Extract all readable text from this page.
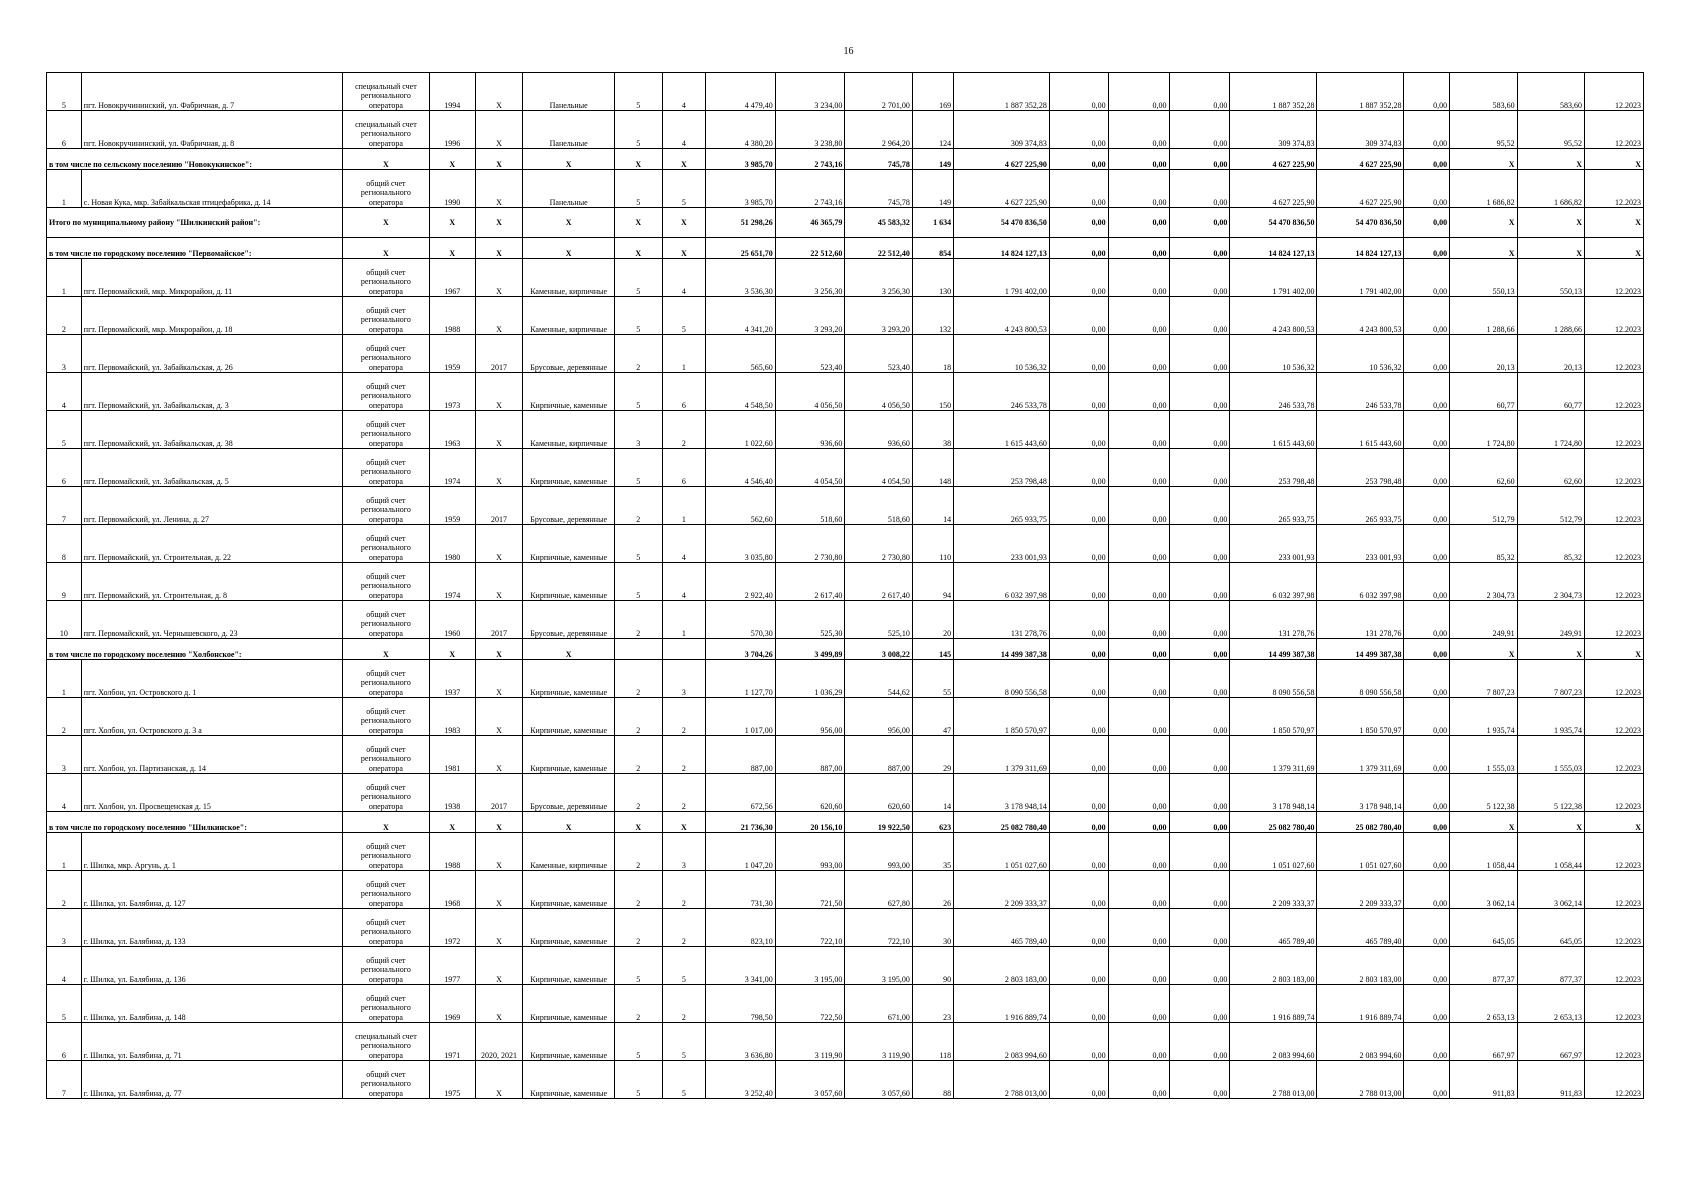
16
5	пгт. Новокручининский, ул. Фабричная, д. 7	специальный счет регионального оператора	1994	X	Панельные	5	4	4 479,40	3 234,00	2 701,00	169	1 887 352,28	0,00	0,00	0,00	1 887 352,28	1 887 352,28	0,00	583,60	583,60	12.2023
6	пгт. Новокручининский, ул. Фабричная, д. 8	специальный счет регионального оператора	1996	X	Панельные	5	4	4 380,20	3 238,80	2 964,20	124	309 374,83	0,00	0,00	0,00	309 374,83	309 374,83	0,00	95,52	95,52	12.2023
в том числе по сельскому поселению "Новокукинское":		X	X	X	X	X	X	3 985,70	2 743,16	745,78	149	4 627 225,90	0,00	0,00	0,00	4 627 225,90	4 627 225,90	0,00	X	X	X
1	с. Новая Кука, мкр. Забайкальская птицефабрика, д. 14	общий счет регионального оператора	1990	X	Панельные	5	5	3 985,70	2 743,16	745,78	149	4 627 225,90	0,00	0,00	0,00	4 627 225,90	4 627 225,90	0,00	1 686,82	1 686,82	12.2023
Итого по муниципальному району "Шилкинский район":		X	X	X	X	X	X	51 298,26	46 365,79	45 583,32	1 634	54 470 836,50	0,00	0,00	0,00	54 470 836,50	54 470 836,50	0,00	X	X	X
в том числе по городскому поселению "Первомайское":		X	X	X	X	X	X	25 651,70	22 512,60	22 512,40	854	14 824 127,13	0,00	0,00	0,00	14 824 127,13	14 824 127,13	0,00	X	X	X
1	пгт. Первомайский, мкр. Микрорайон, д. 11	общий счет регионального оператора	1967	X	Каменные, кирпичные	5	4	3 536,30	3 256,30	3 256,30	130	1 791 402,00	0,00	0,00	0,00	1 791 402,00	1 791 402,00	0,00	550,13	550,13	12.2023
2	пгт. Первомайский, мкр. Микрорайон, д. 18	общий счет регионального оператора	1988	X	Каменные, кирпичные	5	5	4 341,20	3 293,20	3 293,20	132	4 243 800,53	0,00	0,00	0,00	4 243 800,53	4 243 800,53	0,00	1 288,66	1 288,66	12.2023
3	пгт. Первомайский, ул. Забайкальская, д. 26	общий счет регионального оператора	1959	2017	Брусовые, деревянные	2	1	565,60	523,40	523,40	18	10 536,32	0,00	0,00	0,00	10 536,32	10 536,32	0,00	20,13	20,13	12.2023
4	пгт. Первомайский, ул. Забайкальская, д. 3	общий счет регионального оператора	1973	X	Кирпичные, каменные	5	6	4 548,50	4 056,50	4 056,50	150	246 533,78	0,00	0,00	0,00	246 533,78	246 533,78	0,00	60,77	60,77	12.2023
5	пгт. Первомайский, ул. Забайкальская, д. 38	общий счет регионального оператора	1963	X	Каменные, кирпичные	3	2	1 022,60	936,60	936,60	38	1 615 443,60	0,00	0,00	0,00	1 615 443,60	1 615 443,60	0,00	1 724,80	1 724,80	12.2023
6	пгт. Первомайский, ул. Забайкальская, д. 5	общий счет регионального оператора	1974	X	Кирпичные, каменные	5	6	4 546,40	4 054,50	4 054,50	148	253 798,48	0,00	0,00	0,00	253 798,48	253 798,48	0,00	62,60	62,60	12.2023
7	пгт. Первомайский, ул. Ленина, д. 27	общий счет регионального оператора	1959	2017	Брусовые, деревянные	2	1	562,60	518,60	518,60	14	265 933,75	0,00	0,00	0,00	265 933,75	265 933,75	0,00	512,79	512,79	12.2023
8	пгт. Первомайский, ул. Строительная, д. 22	общий счет регионального оператора	1980	X	Кирпичные, каменные	5	4	3 035,80	2 730,80	2 730,80	110	233 001,93	0,00	0,00	0,00	233 001,93	233 001,93	0,00	85,32	85,32	12.2023
9	пгт. Первомайский, ул. Строительная, д. 8	общий счет регионального оператора	1974	X	Кирпичные, каменные	5	4	2 922,40	2 617,40	2 617,40	94	6 032 397,98	0,00	0,00	0,00	6 032 397,98	6 032 397,98	0,00	2 304,73	2 304,73	12.2023
10	пгт. Первомайский, ул. Чернышевского, д. 23	общий счет регионального оператора	1960	2017	Брусовые, деревянные	2	1	570,30	525,30	525,10	20	131 278,76	0,00	0,00	0,00	131 278,76	131 278,76	0,00	249,91	249,91	12.2023
в том числе по городскому поселению "Холбонское":		X	X	X	X			3 704,26	3 499,89	3 008,22	145	14 499 387,38	0,00	0,00	0,00	14 499 387,38	14 499 387,38	0,00	X	X	X
1	пгт. Холбон, ул. Островского д. 1	общий счет регионального оператора	1937	X	Кирпичные, каменные	2	3	1 127,70	1 036,29	544,62	55	8 090 556,58	0,00	0,00	0,00	8 090 556,58	8 090 556,58	0,00	7 807,23	7 807,23	12.2023
2	пгт. Холбон, ул. Островского д. 3 а	общий счет регионального оператора	1983	X	Кирпичные, каменные	2	2	1 017,00	956,00	956,00	47	1 850 570,97	0,00	0,00	0,00	1 850 570,97	1 850 570,97	0,00	1 935,74	1 935,74	12.2023
3	пгт. Холбон, ул. Партизанская, д. 14	общий счет регионального оператора	1981	X	Кирпичные, каменные	2	2	887,00	887,00	887,00	29	1 379 311,69	0,00	0,00	0,00	1 379 311,69	1 379 311,69	0,00	1 555,03	1 555,03	12.2023
4	пгт. Холбон, ул. Просвещенская д. 15	общий счет регионального оператора	1938	2017	Брусовые, деревянные	2	2	672,56	620,60	620,60	14	3 178 948,14	0,00	0,00	0,00	3 178 948,14	3 178 948,14	0,00	5 122,38	5 122,38	12.2023
в том числе по городскому поселению "Шилкинское":		X	X	X	X	X	X	21 736,30	20 156,10	19 922,50	623	25 082 780,40	0,00	0,00	0,00	25 082 780,40	25 082 780,40	0,00	X	X	X
1	г. Шилка, мкр. Аргунь, д. 1	общий счет регионального оператора	1988	X	Каменные, кирпичные	2	3	1 047,20	993,00	993,00	35	1 051 027,60	0,00	0,00	0,00	1 051 027,60	1 051 027,60	0,00	1 058,44	1 058,44	12.2023
2	г. Шилка, ул. Балябина, д. 127	общий счет регионального оператора	1968	X	Кирпичные, каменные	2	2	731,30	721,50	627,80	26	2 209 333,37	0,00	0,00	0,00	2 209 333,37	2 209 333,37	0,00	3 062,14	3 062,14	12.2023
3	г. Шилка, ул. Балябина, д. 133	общий счет регионального оператора	1972	X	Кирпичные, каменные	2	2	823,10	722,10	722,10	30	465 789,40	0,00	0,00	0,00	465 789,40	465 789,40	0,00	645,05	645,05	12.2023
4	г. Шилка, ул. Балябина, д. 136	общий счет регионального оператора	1977	X	Кирпичные, каменные	5	5	3 341,00	3 195,00	3 195,00	90	2 803 183,00	0,00	0,00	0,00	2 803 183,00	2 803 183,00	0,00	877,37	877,37	12.2023
5	г. Шилка, ул. Балябина, д. 148	общий счет регионального оператора	1969	X	Кирпичные, каменные	2	2	798,50	722,50	671,00	23	1 916 889,74	0,00	0,00	0,00	1 916 889,74	1 916 889,74	0,00	2 653,13	2 653,13	12.2023
6	г. Шилка, ул. Балябина, д. 71	специальный счет регионального оператора	1971	2020, 2021	Кирпичные, каменные	5	5	3 636,80	3 119,90	3 119,90	118	2 083 994,60	0,00	0,00	0,00	2 083 994,60	2 083 994,60	0,00	667,97	667,97	12.2023
7	г. Шилка, ул. Балябина, д. 77	общий счет регионального оператора	1975	X	Кирпичные, каменные	5	5	3 252,40	3 057,60	3 057,60	88	2 788 013,00	0,00	0,00	0,00	2 788 013,00	2 788 013,00	0,00	911,83	911,83	12.2023
